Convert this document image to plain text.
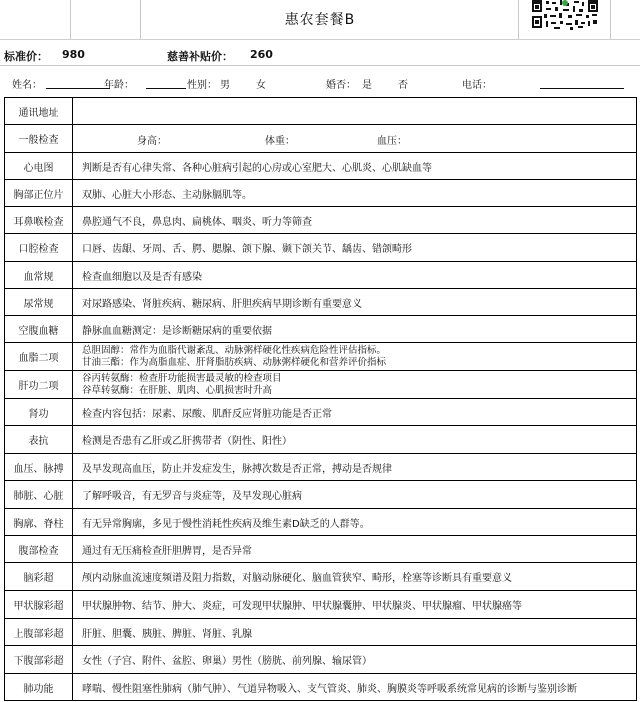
惠农套餐B
标准价： 980	慈善补贴价： 260
姓名：	年龄：	性别： 男	女	婚否： 是	否	电话：
通讯地址	

一般检查	身高： 体重： 血压：

心电图	判断是否有心律失常、各种心脏病引起的心房或心室肥大、心肌炎、心肌缺血等

胸部正位片	双肺、心脏大小形态、主动脉膈肌等。

耳鼻喉检查	鼻腔通气不良，鼻息肉、扁桃体、咽炎、听力等筛查

口腔检查	口唇、齿龈、牙周、舌、腭、腮腺、颌下腺、颞下颌关节、龋齿、错颌畸形

血常规	检查血细胞以及是否有感染

尿常规	对尿路感染、肾脏疾病、糖尿病、肝胆疾病早期诊断有重要意义

空腹血糖	静脉血血糖测定：是诊断糖尿病的重要依据

血脂二项	总胆固醇：常作为血脂代谢紊乱、动脉粥样硬化性疾病危险性评估指标。
甘油三酯：作为高脂血症、肝肾脂肪疾病、动脉粥样硬化和营养评价指标

肝功二项	谷丙转氨酶：检查肝功能损害最灵敏的检查项目
谷草转氨酶：在肝脏、肌肉、心肌损害时升高

肾功	检查内容包括：尿素、尿酸、肌酐反应肾脏功能是否正常

表抗	检测是否患有乙肝或乙肝携带者（阴性、阳性）

血压、脉搏	及早发现高血压，防止并发症发生，脉搏次数是否正常，搏动是否规律

肺脏、心脏	了解呼吸音，有无罗音与炎症等，及早发现心脏病

胸廓、脊柱	有无异常胸廓，多见于慢性消耗性疾病及维生素D缺乏的人群等。

腹部检查	通过有无压痛检查肝胆脾胃，是否异常

脑彩超	颅内动脉血流速度频谱及阻力指数，对脑动脉硬化、脑血管狭窄、畸形，栓塞等诊断具有重要意义

甲状腺彩超	甲状腺肿物、结节、肿大、炎症，可发现甲状腺肿、甲状腺囊肿、甲状腺炎、甲状腺瘤、甲状腺癌等

上腹部彩超	肝脏、胆囊、胰脏、脾脏、肾脏、乳腺

下腹部彩超	女性（子宫、附件、盆腔、卵巢）男性（膀胱、前列腺、输尿管）

肺功能	哮喘、慢性阻塞性肺病（肺气肿）、气道异物吸入、支气管炎、肺炎、胸膜炎等呼吸系统常见病的诊断与鉴别诊断
